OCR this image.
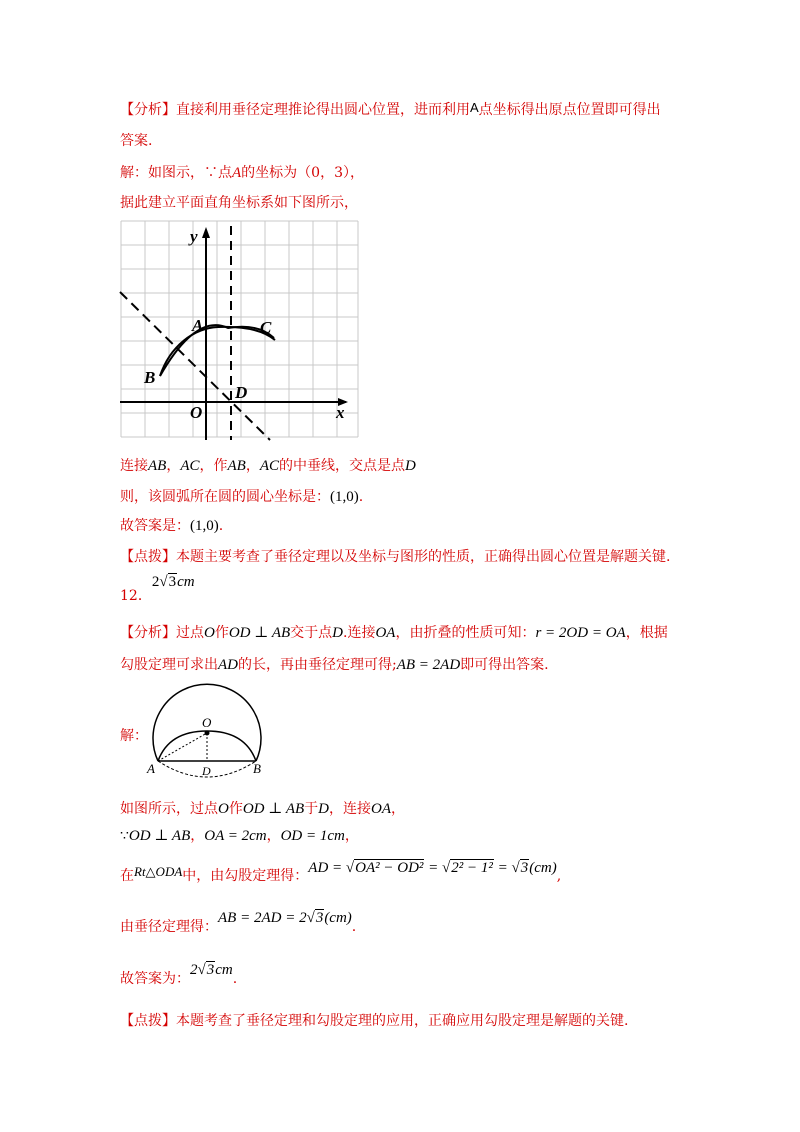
【分析】直接利用垂径定理推论得出圆心位置，进而利用A点坐标得出原点位置即可得出
答案.
解：如图示，∵点A的坐标为（0，3），
据此建立平面直角坐标系如下图所示，
y
x
A
B
C
D
O
连接AB，AC，作AB，AC的中垂线，交点是点D
则，该圆弧所在圆的圆心坐标是：(1,0).
故答案是：(1,0).
【点拨】本题主要考查了垂径定理以及坐标与图形的性质，正确得出圆心位置是解题关键.
12．2√3cm
【分析】过点O作OD ⊥ AB交于点D.连接OA，由折叠的性质可知：r = 2OD = OA，根据
勾股定理可求出AD的长，再由垂径定理可得;AB = 2AD即可得出答案.
解：
O
A	D	B
如图所示，过点O作OD ⊥ AB于D，连接OA，
∵OD ⊥ AB，OA = 2cm，OD = 1cm，
在Rt△ODA中，由勾股定理得：AD = √OA² − OD² = √2² − 1² = √3(cm),
由垂径定理得：AB = 2AD = 2√3(cm).
故答案为：2√3cm.
【点拨】本题考查了垂径定理和勾股定理的应用，正确应用勾股定理是解题的关键.
